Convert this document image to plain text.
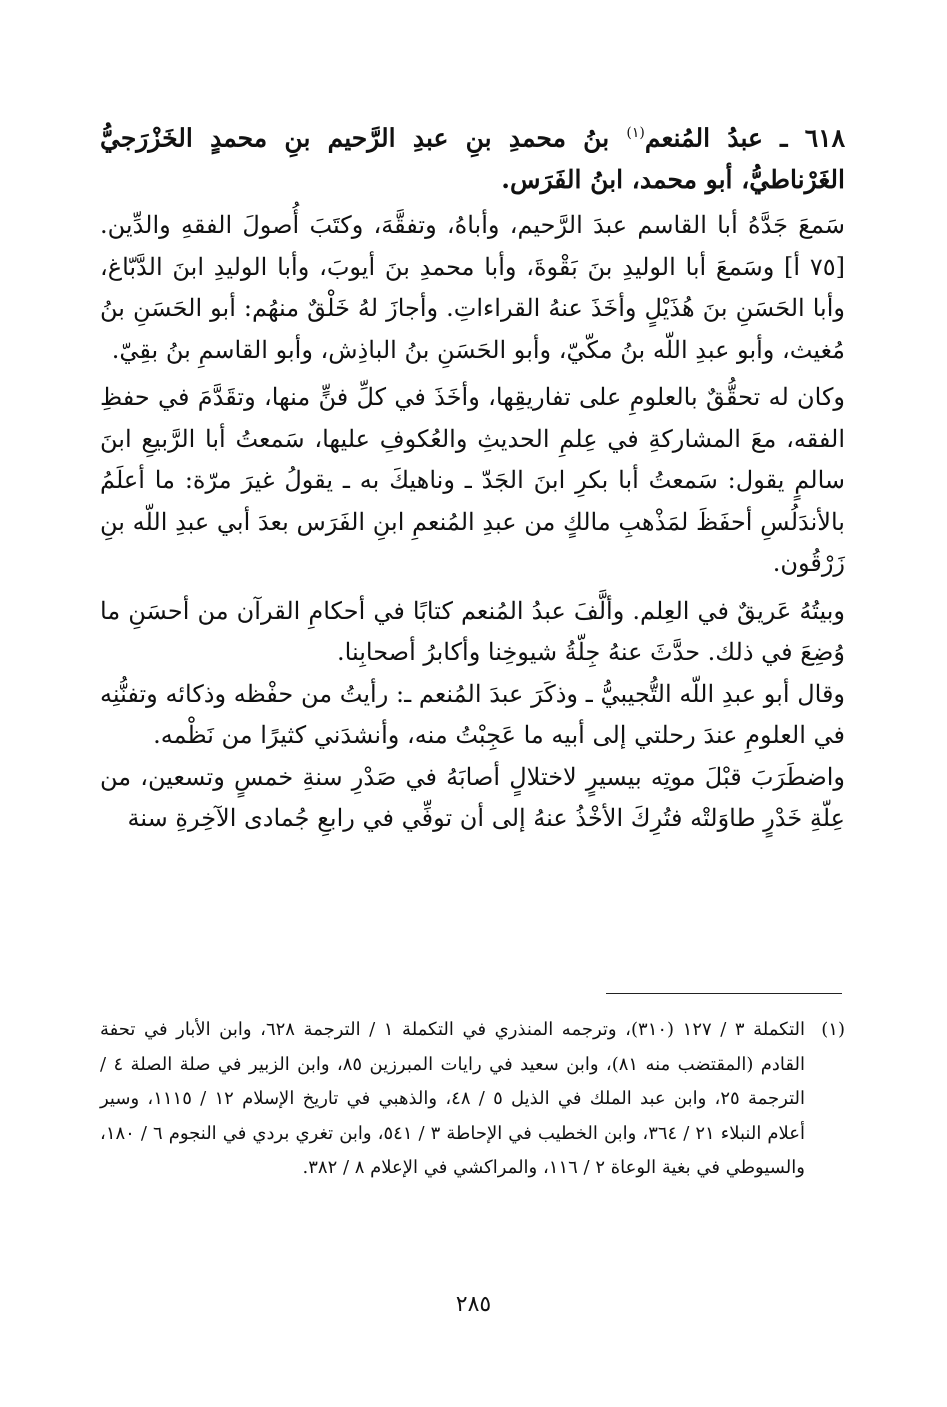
٦١٨ ـ عبدُ المُنعم$^{(١)}$ بنُ محمدِ بنِ عبدِ الرَّحيم بنِ محمدٍ الخَزْرَجيُّ الغَرْناطيُّ، أبو محمد، ابنُ الفَرَس.

سَمعَ جَدَّهُ أبا القاسم عبدَ الرَّحيم، وأباهُ، وتفقَّهَ، وكتَبَ أُصولَ الفقهِ والدِّين. [٧٥ أ] وسَمعَ أبا الوليدِ بنَ بَقْوةَ، وأبا محمدِ بنَ أيوبَ، وأبا الوليدِ ابنَ الدَّبّاغ، وأبا الحَسَنِ بنَ هُذَيْلٍ وأخَذَ عنهُ القراءاتِ. وأجازَ لهُ خَلْقٌ منهُم: أبو الحَسَنِ بنُ مُغيث، وأبو عبدِ اللّه بنُ مكّيّ، وأبو الحَسَنِ بنُ الباذِش، وأبو القاسمِ بنُ بقِيّ.

وكان له تحقُّقٌ بالعلومِ على تفاريقِها، وأخَذَ في كلِّ فنٍّ منها، وتقَدَّمَ في حفظِ الفقه، معَ المشاركةِ في عِلمِ الحديثِ والعُكوفِ عليها، سَمعتُ أبا الرَّبيعِ ابنَ سالمٍ يقول: سَمعتُ أبا بكرِ ابنَ الجَدّ ـ وناهيكَ به ـ يقولُ غيرَ مرّة: ما أعلَمُ بالأندَلُسِ أحفَظَ لمَذْهبِ مالكٍ من عبدِ المُنعمِ ابنِ الفَرَس بعدَ أبي عبدِ اللّه بنِ زَرْقُون.

وبيتُهُ عَريقٌ في العِلم. وألَّفَ عبدُ المُنعم كتابًا في أحكامِ القرآن من أحسَنِ ما وُضِعَ في ذلك. حدَّثَ عنهُ جِلّةُ شيوخِنا وأكابرُ أصحابِنا.

وقال أبو عبدِ اللّه التُّجيبيُّ ـ وذكَرَ عبدَ المُنعم ـ: رأيتُ من حفْظه وذكائه وتفنُّنِه في العلومِ عندَ رحلتي إلى أبيه ما عَجِبْتُ منه، وأنشدَني كثيرًا من نَظْمه.

واضطَرَبَ قبْلَ موتِه بيسيرٍ لاختلالٍ أصابَهُ في صَدْرِ سنةِ خمسٍ وتسعين، من عِلّةِ خَدْرٍ طاوَلتْه فتُرِكَ الأخْذُ عنهُ إلى أن توفِّي في رابعِ جُمادى الآخِرةِ سنة

(١)
التكملة ٣ / ١٢٧ (٣١٠)، وترجمه المنذري في التكملة ١ / الترجمة ٦٢٨، وابن الأبار في تحفة القادم (المقتضب منه ٨١)، وابن سعيد في رايات المبرزين ٨٥، وابن الزبير في صلة الصلة ٤ / الترجمة ٢٥، وابن عبد الملك في الذيل ٥ / ٤٨، والذهبي في تاريخ الإسلام ١٢ / ١١١٥، وسير أعلام النبلاء ٢١ / ٣٦٤، وابن الخطيب في الإحاطة ٣ / ٥٤١، وابن تغري بردي في النجوم ٦ / ١٨٠، والسيوطي في بغية الوعاة ٢ / ١١٦، والمراكشي في الإعلام ٨ / ٣٨٢.
٢٨٥
